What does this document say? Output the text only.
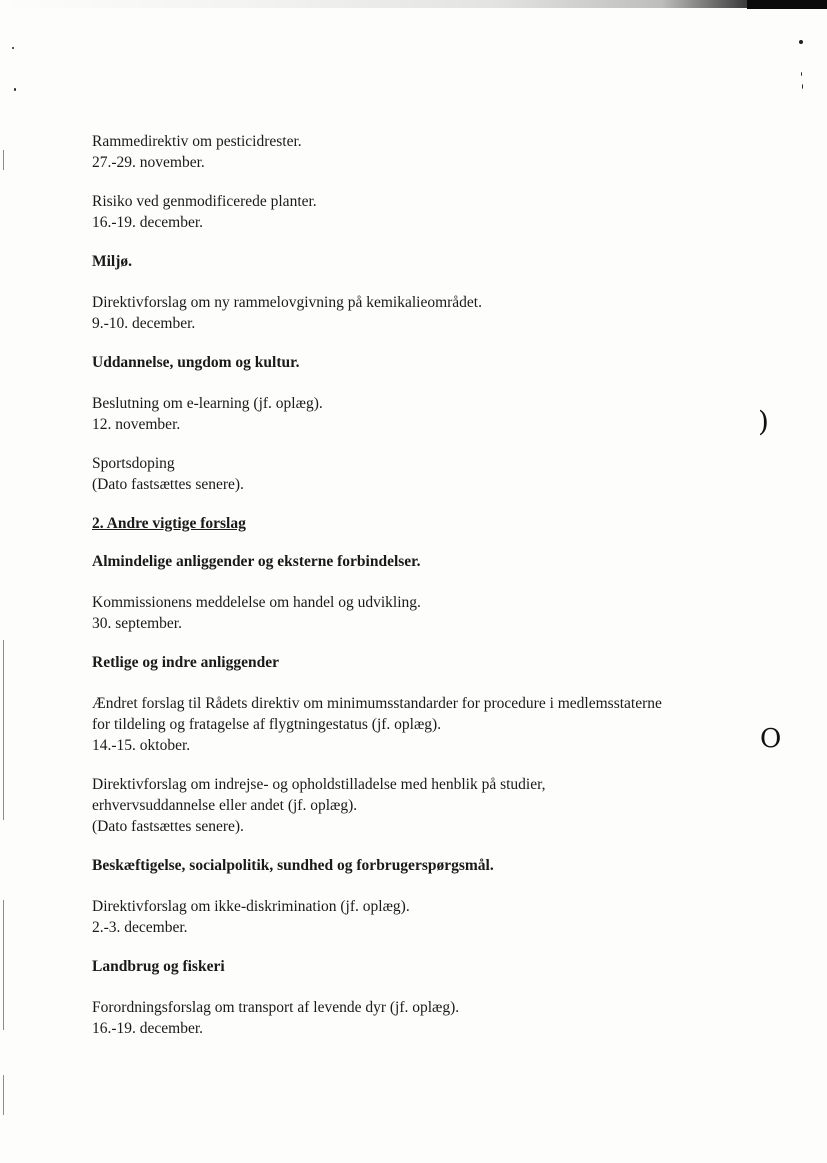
)
O
Rammedirektiv om pesticidrester.
27.-29. november.
Risiko ved genmodificerede planter.
16.-19. december.
Miljø.
Direktivforslag om ny rammelovgivning på kemikalieområdet.
9.-10. december.
Uddannelse, ungdom og kultur.
Beslutning om e-learning (jf. oplæg).
12. november.
Sportsdoping
(Dato fastsættes senere).
2. Andre vigtige forslag
Almindelige anliggender og eksterne forbindelser.
Kommissionens meddelelse om handel og udvikling.
30. september.
Retlige og indre anliggender
Ændret forslag til Rådets direktiv om minimumsstandarder for procedure i medlemsstaterne
for tildeling og fratagelse af flygtningestatus (jf. oplæg).
14.-15. oktober.
Direktivforslag om indrejse- og opholdstilladelse med henblik på studier,
erhvervsuddannelse eller andet (jf. oplæg).
(Dato fastsættes senere).
Beskæftigelse, socialpolitik, sundhed og forbrugerspørgsmål.
Direktivforslag om ikke-diskrimination (jf. oplæg).
2.-3. december.
Landbrug og fiskeri
Forordningsforslag om transport af levende dyr (jf. oplæg).
16.-19. december.
